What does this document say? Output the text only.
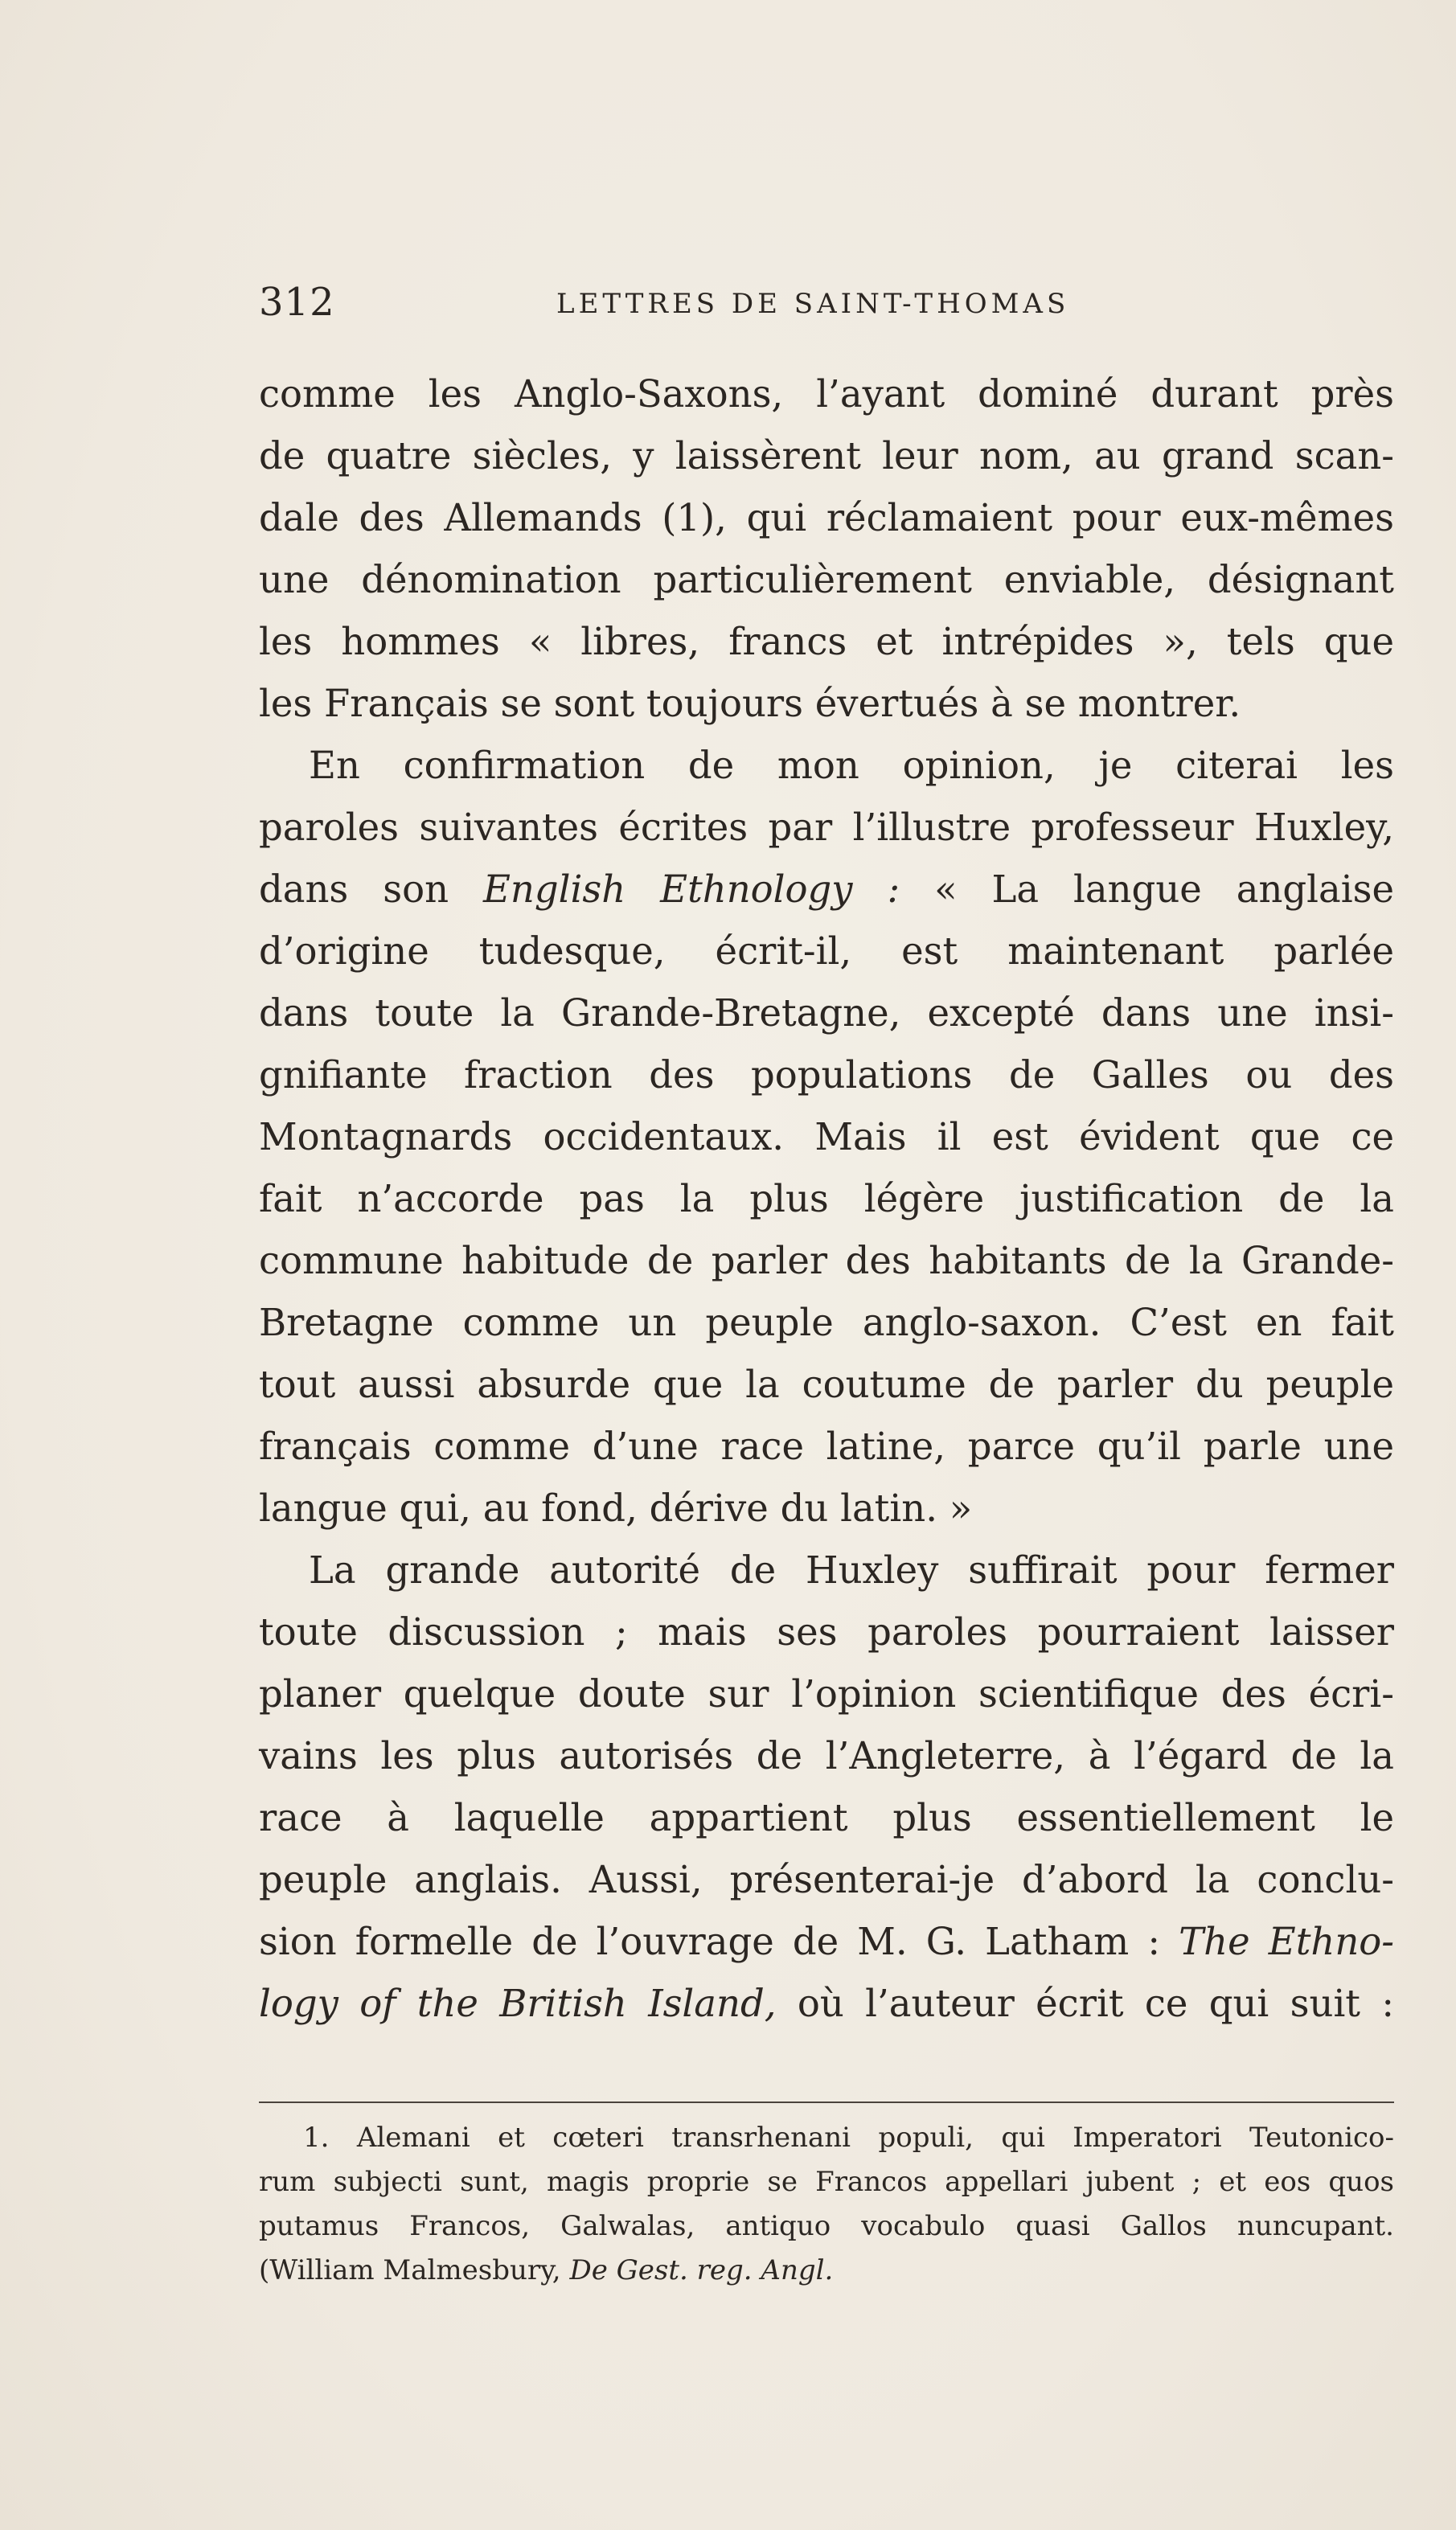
312	LETTRES DE SAINT-THOMAS
comme les Anglo-Saxons, l’ayant dominé durant près
de quatre siècles, y laissèrent leur nom, au grand scan-
dale des Allemands (1), qui réclamaient pour eux-mêmes
une dénomination particulièrement enviable, désignant
les hommes « libres, francs et intrépides », tels que
les Français se sont toujours évertués à se montrer.
En confirmation de mon opinion, je citerai les
paroles suivantes écrites par l’illustre professeur Huxley,
dans son English Ethnology : « La langue anglaise
d’origine tudesque, écrit-il, est maintenant parlée
dans toute la Grande-Bretagne, excepté dans une insi-
gnifiante fraction des populations de Galles ou des
Montagnards occidentaux. Mais il est évident que ce
fait n’accorde pas la plus légère justification de la
commune habitude de parler des habitants de la Grande-
Bretagne comme un peuple anglo-saxon. C’est en fait
tout aussi absurde que la coutume de parler du peuple
français comme d’une race latine, parce qu’il parle une
langue qui, au fond, dérive du latin. »
La grande autorité de Huxley suffirait pour fermer
toute discussion ; mais ses paroles pourraient laisser
planer quelque doute sur l’opinion scientifique des écri-
vains les plus autorisés de l’Angleterre, à l’égard de la
race à laquelle appartient plus essentiellement le
peuple anglais. Aussi, présenterai-je d’abord la conclu-
sion formelle de l’ouvrage de M. G. Latham : The Ethno-
logy of the British Island, où l’auteur écrit ce qui suit :
1. Alemani et cœteri transrhenani populi, qui Imperatori Teutonico-
rum subjecti sunt, magis proprie se Francos appellari jubent ; et eos quos
putamus Francos, Galwalas, antiquo vocabulo quasi Gallos nuncupant.
(William Malmesbury, De Gest. reg. Angl.
